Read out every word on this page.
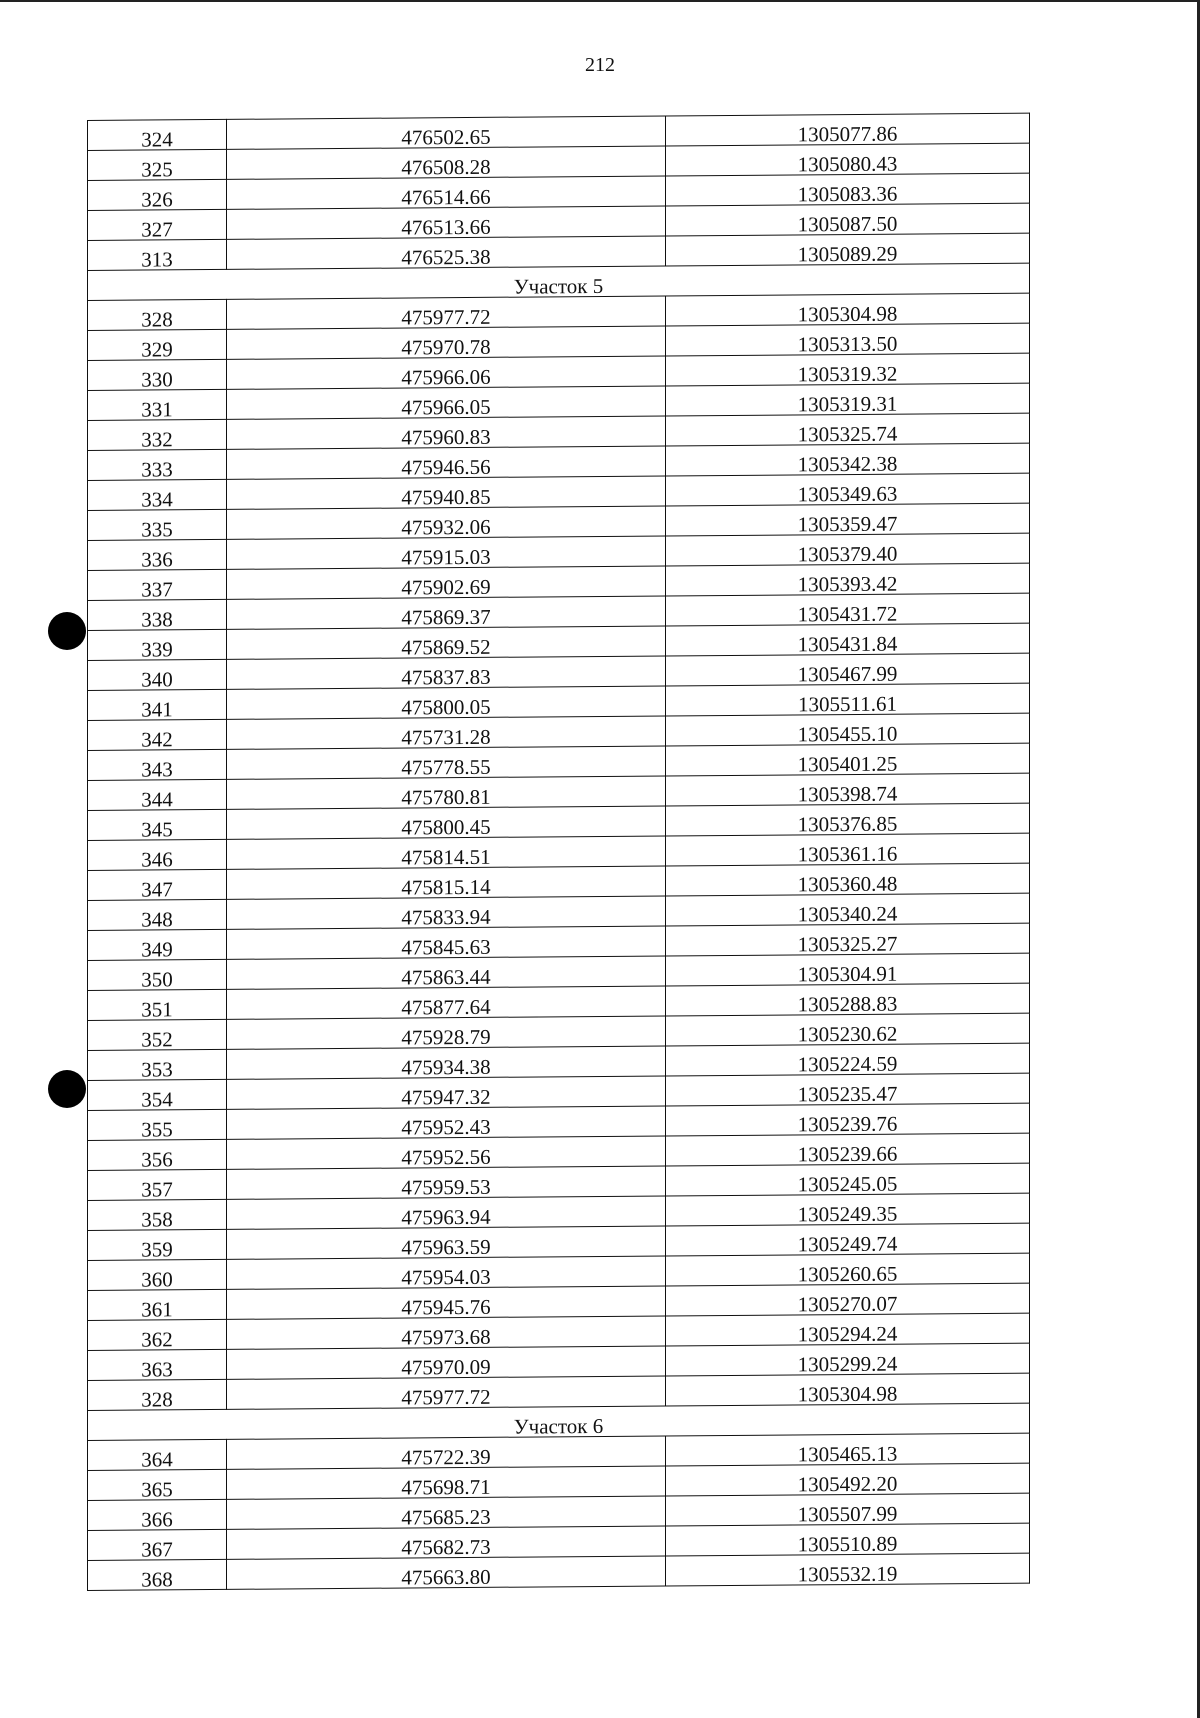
212
324	476502.65	1305077.86
325	476508.28	1305080.43
326	476514.66	1305083.36
327	476513.66	1305087.50
313	476525.38	1305089.29
Участок 5		
328	475977.72	1305304.98
329	475970.78	1305313.50
330	475966.06	1305319.32
331	475966.05	1305319.31
332	475960.83	1305325.74
333	475946.56	1305342.38
334	475940.85	1305349.63
335	475932.06	1305359.47
336	475915.03	1305379.40
337	475902.69	1305393.42
338	475869.37	1305431.72
339	475869.52	1305431.84
340	475837.83	1305467.99
341	475800.05	1305511.61
342	475731.28	1305455.10
343	475778.55	1305401.25
344	475780.81	1305398.74
345	475800.45	1305376.85
346	475814.51	1305361.16
347	475815.14	1305360.48
348	475833.94	1305340.24
349	475845.63	1305325.27
350	475863.44	1305304.91
351	475877.64	1305288.83
352	475928.79	1305230.62
353	475934.38	1305224.59
354	475947.32	1305235.47
355	475952.43	1305239.76
356	475952.56	1305239.66
357	475959.53	1305245.05
358	475963.94	1305249.35
359	475963.59	1305249.74
360	475954.03	1305260.65
361	475945.76	1305270.07
362	475973.68	1305294.24
363	475970.09	1305299.24
328	475977.72	1305304.98
Участок 6		
364	475722.39	1305465.13
365	475698.71	1305492.20
366	475685.23	1305507.99
367	475682.73	1305510.89
368	475663.80	1305532.19
